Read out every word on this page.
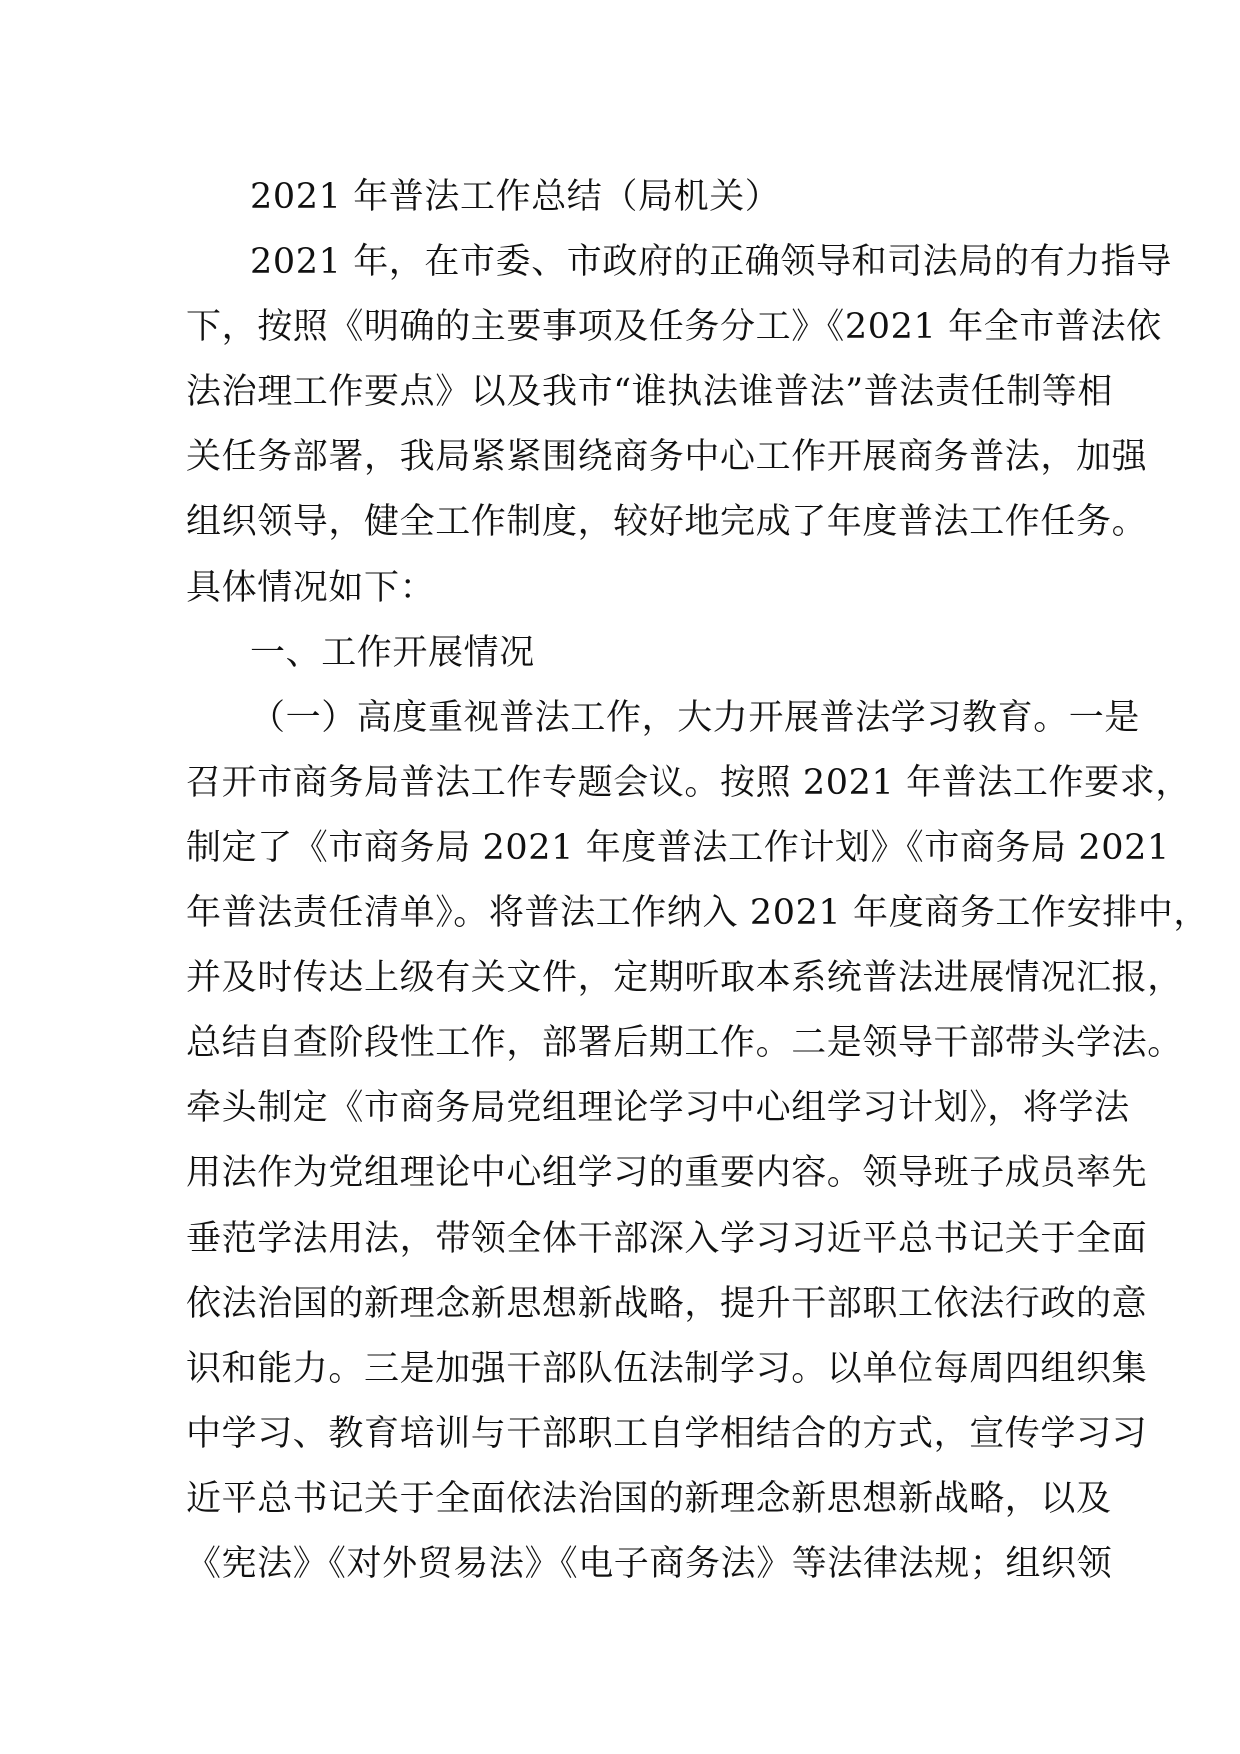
2021 年普法工作总结（局机关）
2021 年，在市委、市政府的正确领导和司法局的有力指导
下，按照《明确的主要事项及任务分工》《2021 年全市普法依
法治理工作要点》以及我市“谁执法谁普法”普法责任制等相
关任务部署，我局紧紧围绕商务中心工作开展商务普法，加强
组织领导，健全工作制度，较好地完成了年度普法工作任务。
具体情况如下：
一、工作开展情况
（一）高度重视普法工作，大力开展普法学习教育。一是
召开市商务局普法工作专题会议。按照 2021 年普法工作要求，
制定了《市商务局 2021 年度普法工作计划》《市商务局 2021
年普法责任清单》。将普法工作纳入 2021 年度商务工作安排中，
并及时传达上级有关文件，定期听取本系统普法进展情况汇报，
总结自查阶段性工作，部署后期工作。二是领导干部带头学法。
牵头制定《市商务局党组理论学习中心组学习计划》，将学法
用法作为党组理论中心组学习的重要内容。领导班子成员率先
垂范学法用法，带领全体干部深入学习习近平总书记关于全面
依法治国的新理念新思想新战略，提升干部职工依法行政的意
识和能力。三是加强干部队伍法制学习。以单位每周四组织集
中学习、教育培训与干部职工自学相结合的方式，宣传学习习
近平总书记关于全面依法治国的新理念新思想新战略，以及
《宪法》《对外贸易法》《电子商务法》等法律法规；组织领
